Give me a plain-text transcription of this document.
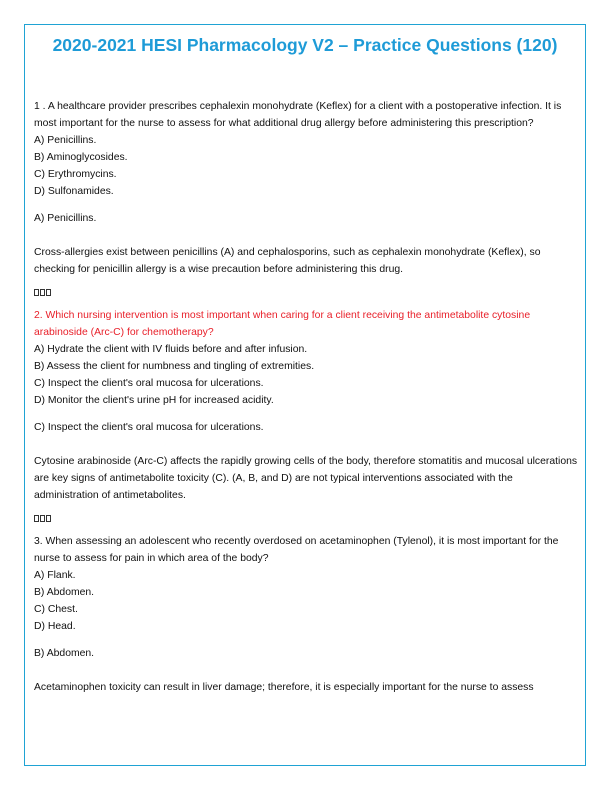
2020-2021 HESI Pharmacology V2 – Practice Questions (120)

1 . A healthcare provider prescribes cephalexin monohydrate (Keflex) for a client with a postoperative infection. It is most important for the nurse to assess for what additional drug allergy before administering this prescription?

A) Penicillins.

B) Aminoglycosides.

C) Erythromycins.

D) Sulfonamides.

A) Penicillins.

Cross-allergies exist between penicillins (A) and cephalosporins, such as cephalexin monohydrate (Keflex), so checking for penicillin allergy is a wise precaution before administering this drug.

2. Which nursing intervention is most important when caring for a client receiving the antimetabolite cytosine arabinoside (Arc-C) for chemotherapy?

A) Hydrate the client with IV fluids before and after infusion.

B) Assess the client for numbness and tingling of extremities.

C) Inspect the client's oral mucosa for ulcerations.

D) Monitor the client's urine pH for increased acidity.

C) Inspect the client's oral mucosa for ulcerations.

Cytosine arabinoside (Arc-C) affects the rapidly growing cells of the body, therefore stomatitis and mucosal ulcerations are key signs of antimetabolite toxicity (C). (A, B, and D) are not typical interventions associated with the administration of antimetabolites.

3. When assessing an adolescent who recently overdosed on acetaminophen (Tylenol), it is most important for the nurse to assess for pain in which area of the body?

A) Flank.

B) Abdomen.

C) Chest.

D) Head.

B) Abdomen.

Acetaminophen toxicity can result in liver damage; therefore, it is especially important for the nurse to assess
